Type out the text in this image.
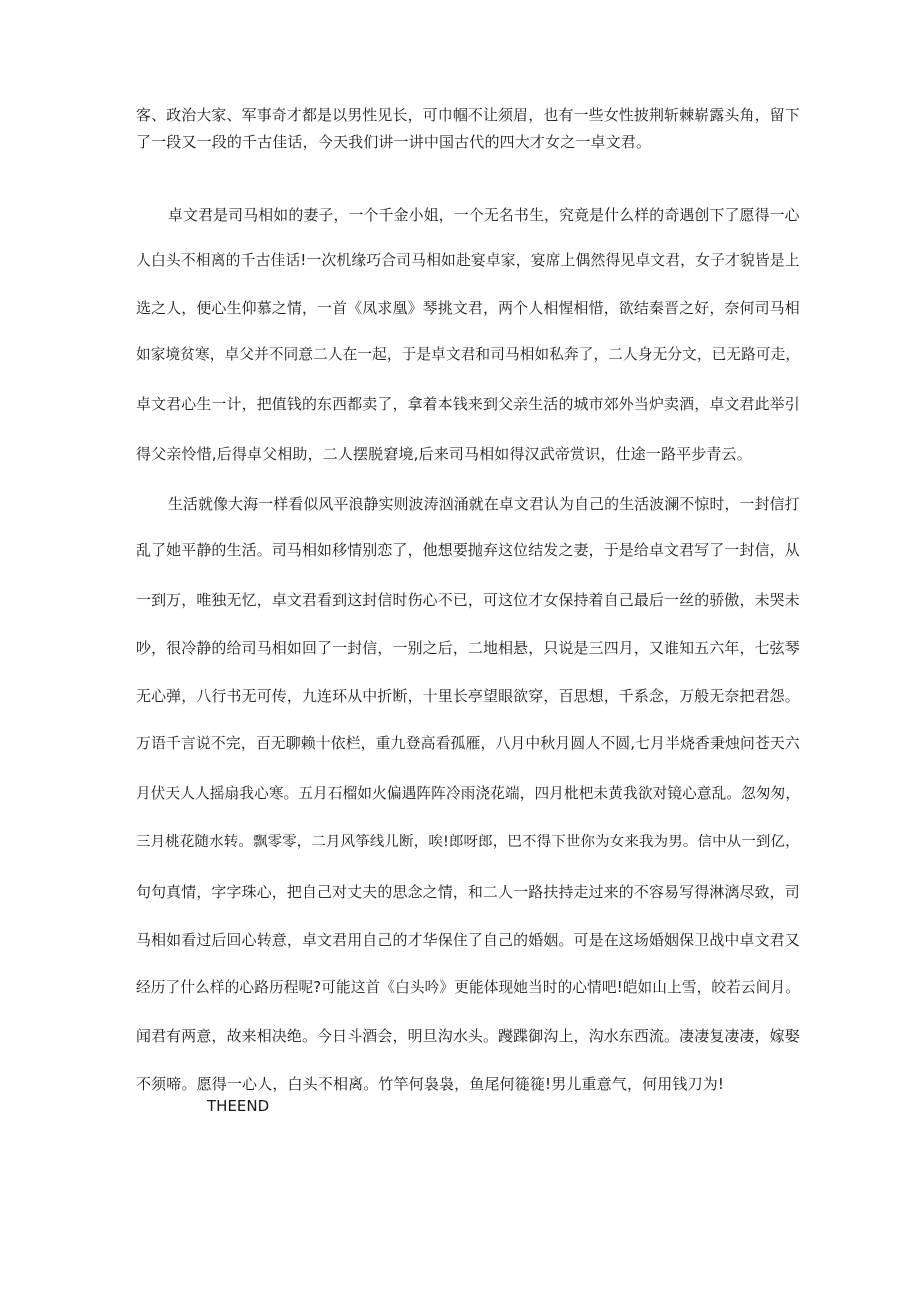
客、政治大家、军事奇才都是以男性见长，可巾帼不让须眉，也有一些女性披荆斩棘崭露头角，留下
了一段又一段的千古佳话，今天我们讲一讲中国古代的四大才女之一卓文君。
卓文君是司马相如的妻子，一个千金小姐，一个无名书生，究竟是什么样的奇遇创下了愿得一心
人白头不相离的千古佳话!一次机缘巧合司马相如赴宴卓家，宴席上偶然得见卓文君，女子才貌皆是上
选之人，便心生仰慕之情，一首《凤求凰》琴挑文君，两个人相惺相惜，欲结秦晋之好，奈何司马相
如家境贫寒，卓父并不同意二人在一起，于是卓文君和司马相如私奔了，二人身无分文，已无路可走，
卓文君心生一计，把值钱的东西都卖了，拿着本钱来到父亲生活的城市郊外当炉卖酒，卓文君此举引
得父亲怜惜,后得卓父相助，二人摆脱窘境,后来司马相如得汉武帝赏识，仕途一路平步青云。
生活就像大海一样看似风平浪静实则波涛汹涌就在卓文君认为自己的生活波澜不惊时，一封信打
乱了她平静的生活。司马相如移情别恋了，他想要抛弃这位结发之妻，于是给卓文君写了一封信，从
一到万，唯独无忆，卓文君看到这封信时伤心不已，可这位才女保持着自己最后一丝的骄傲，未哭未
吵，很冷静的给司马相如回了一封信，一别之后，二地相悬，只说是三四月，又谁知五六年，七弦琴
无心弹，八行书无可传，九连环从中折断，十里长亭望眼欲穿，百思想，千系念，万般无奈把君怨。
万语千言说不完，百无聊赖十依栏，重九登高看孤雁，八月中秋月圆人不圆,七月半烧香秉烛问苍天六
月伏天人人摇扇我心寒。五月石榴如火偏遇阵阵冷雨浇花端，四月枇杷未黄我欲对镜心意乱。忽匆匆，
三月桃花随水转。飘零零，二月风筝线儿断，唉!郎呀郎，巴不得下世你为女来我为男。信中从一到亿，
句句真情，字字珠心，把自己对丈夫的思念之情，和二人一路扶持走过来的不容易写得淋漓尽致，司
马相如看过后回心转意，卓文君用自己的才华保住了自己的婚姻。可是在这场婚姻保卫战中卓文君又
经历了什么样的心路历程呢?可能这首《白头吟》更能体现她当时的心情吧!皑如山上雪，皎若云间月。
闻君有两意，故来相决绝。今日斗酒会，明旦沟水头。躞蹀御沟上，沟水东西流。凄凄复凄凄，嫁娶
不须啼。愿得一心人，白头不相离。竹竿何袅袅，鱼尾何簁簁!男儿重意气，何用钱刀为!
THEEND
